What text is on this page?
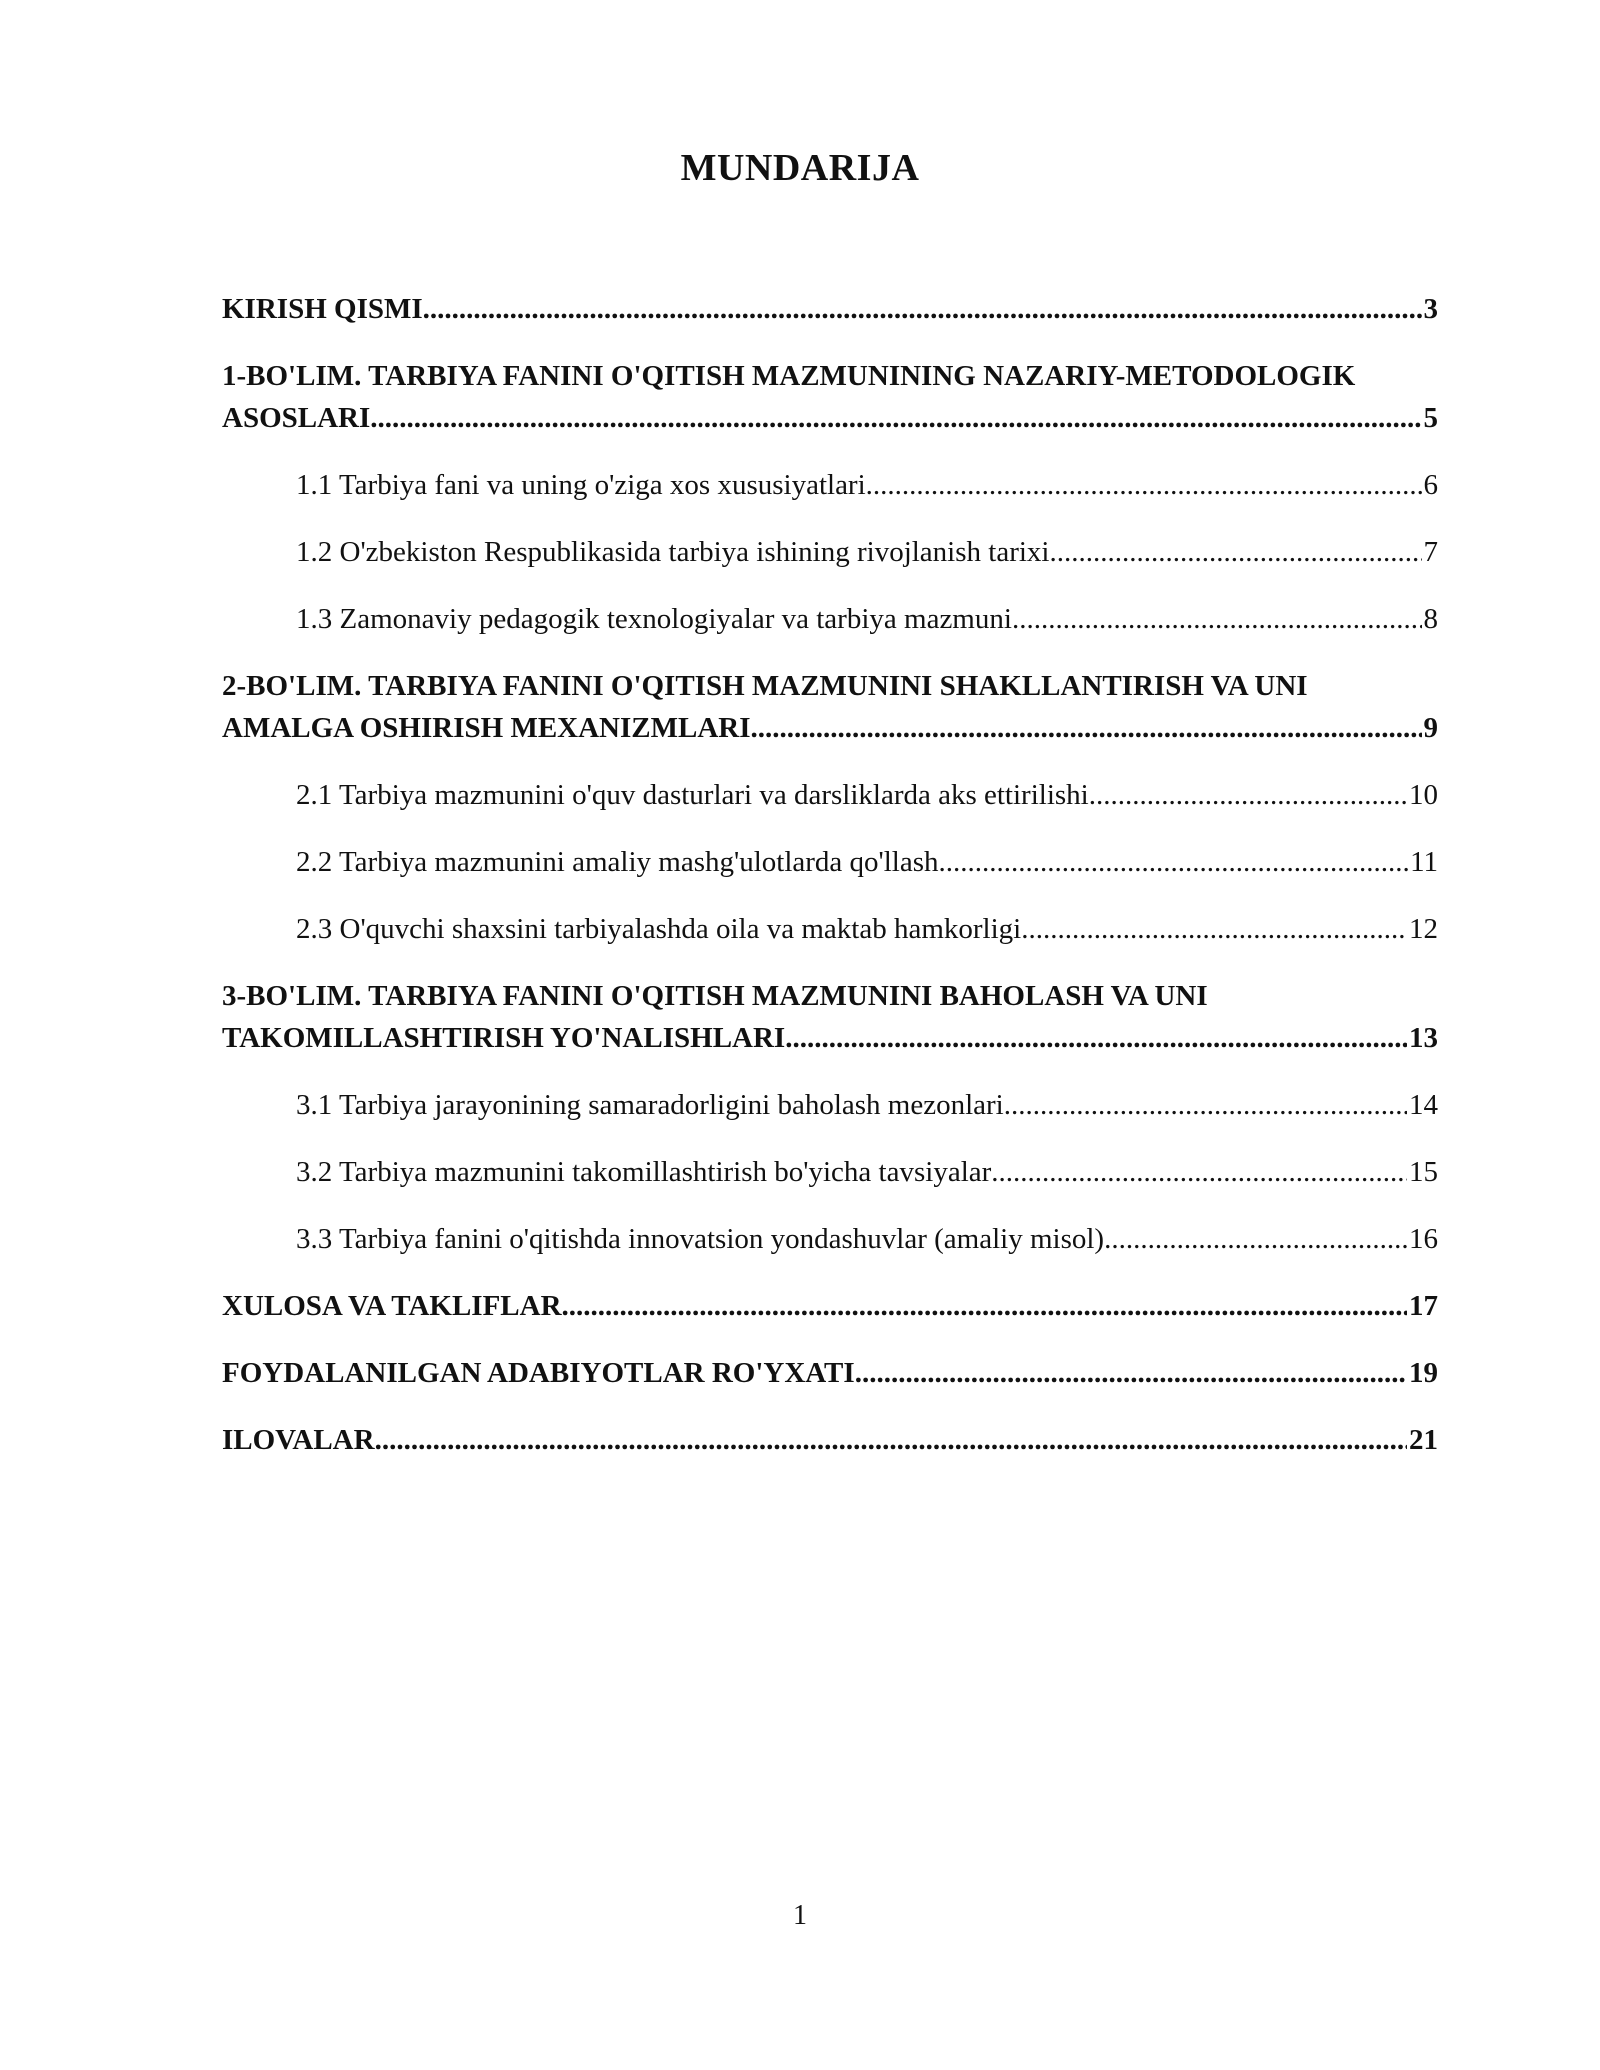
MUNDARIJA
KIRISH QISMI .....	3
1-BO'LIM. TARBIYA FANINI O'QITISH MAZMUNINING NAZARIY-METODOLOGIK
ASOSLARI .....	5
1.1 Tarbiya fani va uning o'ziga xos xususiyatlari .....	6
1.2 O'zbekiston Respublikasida tarbiya ishining rivojlanish tarixi .....	7
1.3 Zamonaviy pedagogik texnologiyalar va tarbiya mazmuni .....	8
2-BO'LIM. TARBIYA FANINI O'QITISH MAZMUNINI SHAKLLANTIRISH VA UNI
AMALGA OSHIRISH MEXANIZMLARI .....	9
2.1 Tarbiya mazmunini o'quv dasturlari va darsliklarda aks ettirilishi .....	10
2.2 Tarbiya mazmunini amaliy mashg'ulotlarda qo'llash .....	11
2.3 O'quvchi shaxsini tarbiyalashda oila va maktab hamkorligi .....	12
3-BO'LIM. TARBIYA FANINI O'QITISH MAZMUNINI BAHOLASH VA UNI
TAKOMILLASHTIRISH YO'NALISHLARI .....	13
3.1 Tarbiya jarayonining samaradorligini baholash mezonlari .....	14
3.2 Tarbiya mazmunini takomillashtirish bo'yicha tavsiyalar .....	15
3.3 Tarbiya fanini o'qitishda innovatsion yondashuvlar (amaliy misol) .....	16
XULOSA VA TAKLIFLAR .....	17
FOYDALANILGAN ADABIYOTLAR RO'YXATI .....	19
ILOVALAR .....	21
1
